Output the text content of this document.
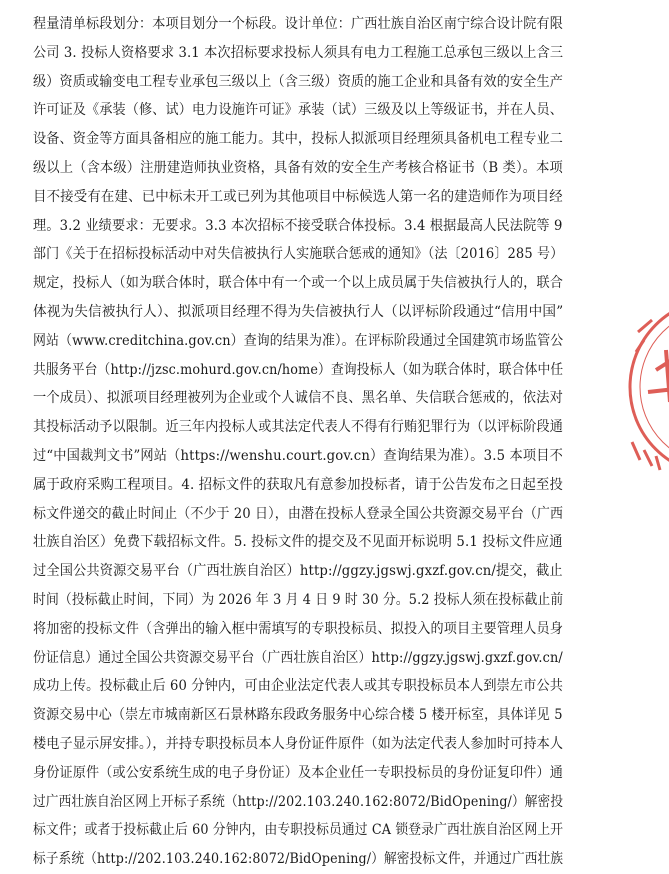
程量清单标段划分：本项目划分一个标段。设计单位：广西壮族自治区南宁综合设计院有限
公司 3. 投标人资格要求 3.1 本次招标要求投标人须具有电力工程施工总承包三级以上含三
级）资质或输变电工程专业承包三级以上（含三级）资质的施工企业和具备有效的安全生产
许可证及《承装（修、试）电力设施许可证》承装（试）三级及以上等级证书，并在人员、
设备、资金等方面具备相应的施工能力。其中，投标人拟派项目经理须具备机电工程专业二
级以上（含本级）注册建造师执业资格，具备有效的安全生产考核合格证书（B 类）。本项
目不接受有在建、已中标未开工或已列为其他项目中标候选人第一名的建造师作为项目经
理。3.2 业绩要求：无要求。3.3 本次招标不接受联合体投标。3.4 根据最高人民法院等 9
部门《关于在招标投标活动中对失信被执行人实施联合惩戒的通知》（法〔2016〕285 号）
规定，投标人（如为联合体时，联合体中有一个或一个以上成员属于失信被执行人的，联合
体视为失信被执行人）、拟派项目经理不得为失信被执行人（以评标阶段通过“信用中国”
网站（www.creditchina.gov.cn）查询的结果为准）。在评标阶段通过全国建筑市场监管公
共服务平台（http://jzsc.mohurd.gov.cn/home）查询投标人（如为联合体时，联合体中任
一个成员）、拟派项目经理被列为企业或个人诚信不良、黑名单、失信联合惩戒的，依法对
其投标活动予以限制。近三年内投标人或其法定代表人不得有行贿犯罪行为（以评标阶段通
过“中国裁判文书”网站（https://wenshu.court.gov.cn）查询结果为准）。3.5 本项目不
属于政府采购工程项目。4. 招标文件的获取凡有意参加投标者，请于公告发布之日起至投
标文件递交的截止时间止（不少于 20 日），由潜在投标人登录全国公共资源交易平台（广西
壮族自治区）免费下载招标文件。5. 投标文件的提交及不见面开标说明 5.1 投标文件应通
过全国公共资源交易平台（广西壮族自治区）http://ggzy.jgswj.gxzf.gov.cn/提交，截止
时间（投标截止时间，下同）为 2026 年 3 月 4 日 9 时 30 分。5.2 投标人须在投标截止前
将加密的投标文件（含弹出的输入框中需填写的专职投标员、拟投入的项目主要管理人员身
份证信息）通过全国公共资源交易平台（广西壮族自治区）http://ggzy.jgswj.gxzf.gov.cn/
成功上传。投标截止后 60 分钟内，可由企业法定代表人或其专职投标员本人到崇左市公共
资源交易中心（崇左市城南新区石景林路东段政务服务中心综合楼 5 楼开标室，具体详见 5
楼电子显示屏安排。），并持专职投标员本人身份证件原件（如为法定代表人参加时可持本人
身份证原件（或公安系统生成的电子身份证）及本企业任一专职投标员的身份证复印件）通
过广西壮族自治区网上开标子系统（http://202.103.240.162:8072/BidOpening/）解密投
标文件；或者于投标截止后 60 分钟内，由专职投标员通过 CA 锁登录广西壮族自治区网上开
标子系统（http://202.103.240.162:8072/BidOpening/）解密投标文件，并通过广西壮族
